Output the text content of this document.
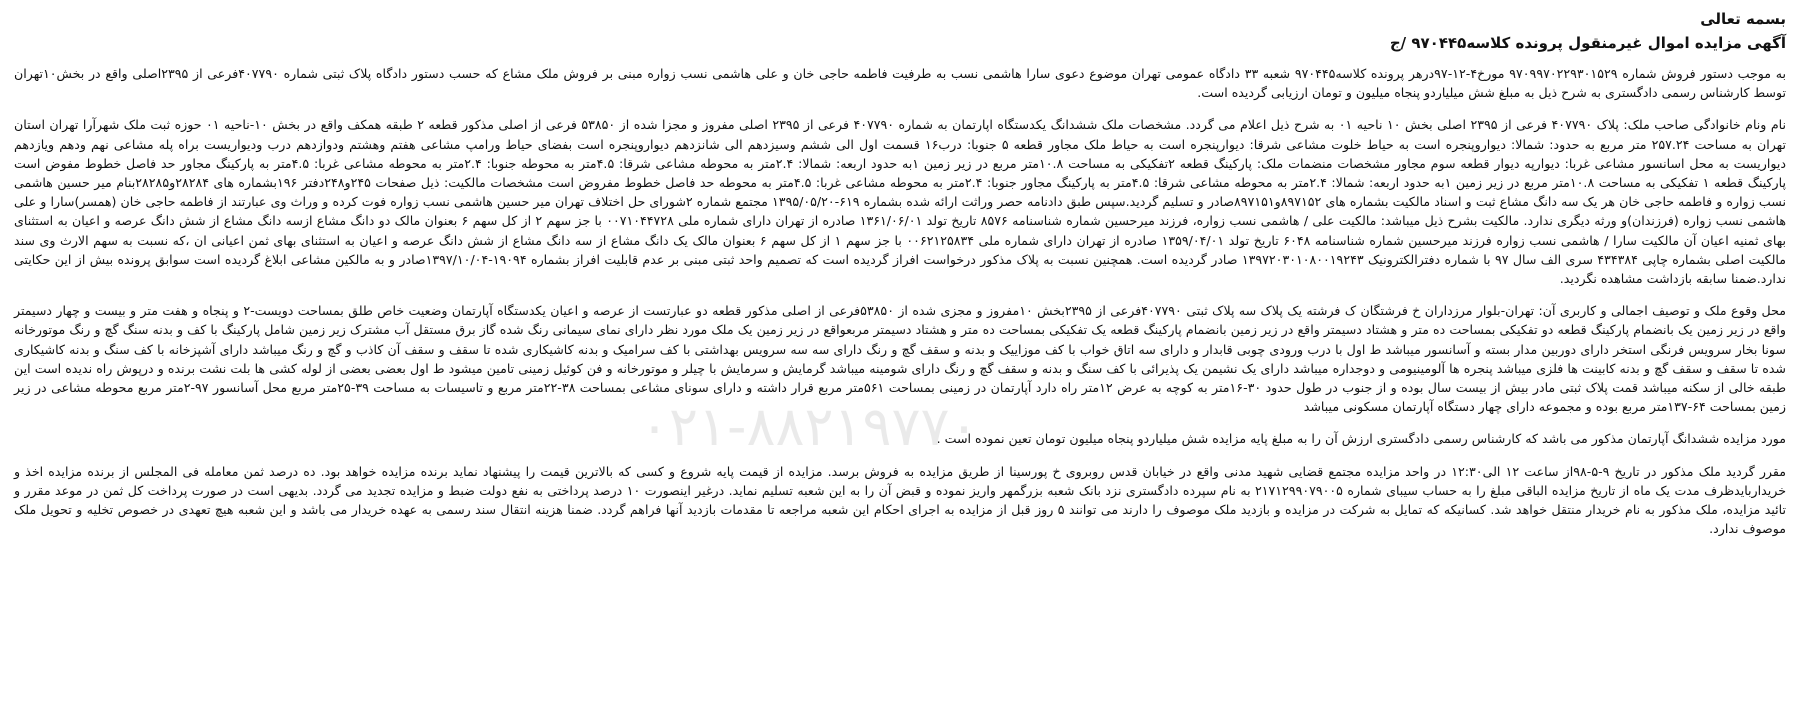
بسمه تعالی

آگهی مزایده اموال غیرمنقول پرونده کلاسه۹۷۰۴۴۵ /ج

به موجب دستور فروش شماره ۹۷۰۹۹۷۰۲۲۹۳۰۱۵۲۹ مورخ۴-۱۲-۹۷درهر پرونده کلاسه۹۷۰۴۴۵ شعبه ۳۳ دادگاه عمومی تهران موضوع دعوی سارا هاشمی نسب به طرفیت فاطمه حاجی خان و علی هاشمی نسب زواره مبنی بر فروش ملک مشاع که حسب دستور دادگاه پلاک ثبتی شماره ۴۰۷۷۹۰فرعی از ۲۳۹۵اصلی واقع در بخش۱۰تهران توسط کارشناس رسمی دادگستری به شرح ذیل به مبلغ شش میلیاردو پنجاه میلیون و تومان ارزیابی گردیده است.

نام ونام خانوادگی صاحب ملک: پلاک ۴۰۷۷۹۰ فرعی از ۲۳۹۵ اصلی بخش ۱۰ ناحیه ۰۱ به شرح ذیل اعلام می گردد. مشخصات ملک ششدانگ یکدستگاه اپارتمان به شماره ۴۰۷۷۹۰ فرعی از ۲۳۹۵ اصلی مفروز و مجزا شده از ۵۳۸۵۰ فرعی از اصلی مذکور قطعه ۲ طبقه همکف واقع در بخش ۱۰-ناحیه ۰۱ حوزه ثبت ملک شهرآرا تهران استان تهران به مساحت ۲۵۷.۲۴ متر مربع به حدود: شمالا: دیواروپنجره است به حیاط خلوت مشاعی شرقا: دیوارپنجره است به حیاط ملک مجاور قطعه ۵ جنوبا: درب۱۶ قسمت اول الی ششم وسیزدهم الی شانزدهم دیواروپنجره است بفضای حیاط ورامپ مشاعی هفتم وهشتم ودوازدهم درب ودیواریست براه پله مشاعی نهم ودهم ویازدهم دیواریست به محل اسانسور مشاعی غربا: دیوارپه دیوار قطعه سوم مجاور مشخصات منضمات ملک: پارکینگ قطعه ۲تفکیکی به مساحت ۱۰.۸متر مربع در زیر زمین ۱به حدود اربعه: شمالا: ۲.۴متر به محوطه مشاعی شرقا: ۴.۵متر به محوطه جنوبا: ۲.۴متر به محوطه مشاعی غربا: ۴.۵متر به پارکینگ مجاور حد فاصل خطوط مفوض است پارکینگ قطعه ۱ تفکیکی به مساحت ۱۰.۸متر مربع در زیر زمین ۱به حدود اربعه: شمالا: ۲.۴متر به محوطه مشاعی شرقا: ۴.۵متر به پارکینگ مجاور جنوبا: ۲.۴متر به محوطه مشاعی غربا: ۴.۵متر به محوطه حد فاصل خطوط مفروض است مشخصات مالکیت: ذیل صفحات ۲۴۵و۲۴۸دفتر ۱۹۶بشماره های ۲۸۲۸۴و۲۸۲۸۵بنام میر حسین هاشمی نسب زواره و فاطمه حاجی خان هر یک سه دانگ مشاع ثبت و اسناد مالکیت بشماره های ۸۹۷۱۵۲و۸۹۷۱۵۱صادر و تسلیم گردید.سپس طبق دادنامه حصر وراثت ارائه شده بشماره ۶۱۹-۱۳۹۵/۰۵/۲۰ مجتمع شماره ۲شورای حل اختلاف تهران میر حسین هاشمی نسب زواره فوت کرده و وراث وی عبارتند از فاطمه حاجی خان (همسر)سارا و علی هاشمی نسب زواره (فرزندان)و ورثه دیگری ندارد. مالکیت بشرح ذیل میباشد: مالکیت علی / هاشمی نسب زواره، فرزند میرحسین شماره شناسنامه ۸۵۷۶ تاریخ تولد ۱۳۶۱/۰۶/۰۱ صادره از تهران دارای شماره ملی ۰۰۷۱۰۴۴۷۲۸ با جز سهم ۲ از کل سهم ۶ بعنوان مالک دو دانگ مشاع ازسه دانگ مشاع از شش دانگ عرصه و اعیان به استثنای بهای ثمنیه اعیان آن مالکیت سارا / هاشمی نسب زواره فرزند میرحسین شماره شناسنامه ۶۰۴۸ تاریخ تولد ۱۳۵۹/۰۴/۰۱ صادره از تهران دارای شماره ملی ۰۰۶۲۱۲۵۸۳۴ با جز سهم ۱ از کل سهم ۶ بعنوان مالک یک دانگ مشاع از سه دانگ مشاع از شش دانگ عرصه و اعیان به استثنای بهای ثمن اعیانی ان ،که نسبت به سهم الارث وی سند مالکیت اصلی بشماره چاپی ۴۳۴۳۸۴ سری الف سال ۹۷ با شماره دفترالکترونیک ۱۳۹۷۲۰۳۰۱۰۸۰۰۱۹۲۴۳ صادر گردیده است. همچنین نسبت به پلاک مذکور درخواست افراز گردیده است که تصمیم واحد ثبتی مبنی بر عدم قابلیت افراز بشماره ۱۹۰۹۴-۱۳۹۷/۱۰/۰۴صادر و به مالکین مشاعی ابلاغ گردیده است سوابق پرونده بیش از این حکایتی ندارد.ضمنا سابقه بازداشت مشاهده نگردید.

محل وقوع ملک و توصیف اجمالی و کاربری آن: تهران-بلوار مرزداران خ فرشتگان ک فرشته یک پلاک سه پلاک ثبتی ۴۰۷۷۹۰فرعی از ۲۳۹۵بخش ۱۰مفروز و مجزی شده از ۵۳۸۵۰فرعی از اصلی مذکور قطعه دو عبارتست از عرصه و اعیان یکدستگاه آپارتمان وضعیت خاص طلق بمساحت دویست-۲ و پنجاه و هفت متر و بیست و چهار دسیمتر واقع در زیر زمین یک بانضمام پارکینگ قطعه دو تفکیکی بمساحت ده متر و هشتاد دسیمتر واقع در زیر زمین بانضمام پارکینگ قطعه یک تفکیکی بمساحت ده متر و هشتاد دسیمتر مربعواقع در زیر زمین یک ملک مورد نظر دارای نمای سیمانی رنگ شده گاز برق مستقل آب مشترک زیر زمین شامل پارکینگ با کف و بدنه سنگ گچ و رنگ موتورخانه سونا بخار سرویس فرنگی استخر دارای دوربین مدار بسته و آسانسور میباشد ط اول با درب ورودی چوبی قابدار و دارای سه اتاق خواب با کف موزاییک و بدنه و سقف گچ و رنگ دارای سه سه سرویس بهداشتی با کف سرامیک و بدنه کاشیکاری شده تا سقف و سقف آن کاذب و گچ و رنگ میباشد دارای آشپزخانه با کف سنگ و بدنه کاشیکاری شده تا سقف و سقف گچ و بدنه کابینت ها فلزی میباشد پنجره ها آلومینیومی و دوجداره میباشد دارای یک نشیمن یک پذیرائی با کف سنگ و بدنه و سقف گچ و رنگ دارای شومینه میباشد گرمایش و سرمایش با چیلر و موتورخانه و فن کوئیل زمینی تامین میشود ط اول بعضی بعضی از لوله کشی ها بلت نشت برنده و درپوش راه ندیده است این طبقه خالی از سکنه میباشد قمت پلاک ثبتی مادر بیش از بیست سال بوده و از جنوب در طول حدود ۳۰-۱۶متر به کوچه به عرض ۱۲متر راه دارد آپارتمان در زمینی بمساحت ۵۶۱متر مربع قرار داشته و دارای سونای مشاعی بمساحت ۳۸-۲۲متر مربع و تاسیسات به مساحت ۳۹-۲۵متر مربع محل آسانسور ۹۷-۲متر مربع محوطه مشاعی در زیر زمین بمساحت ۶۴-۱۳۷متر مربع بوده و مجموعه دارای چهار دستگاه آپارتمان مسکونی میباشد

مورد مزایده ششدانگ آپارتمان مذکور می باشد که کارشناس رسمی دادگستری ارزش آن را به مبلغ پایه مزایده شش میلیاردو پنجاه میلیون تومان تعین نموده است .

مقرر گردید ملک مذکور در تاریخ ۹-۵-۹۸از ساعت ۱۲ الی۱۲:۳۰ در واحد مزایده مجتمع قضایی شهید مدنی واقع در خیابان قدس روبروی خ پورسینا از طریق مزایده به فروش برسد. مزایده از قیمت پایه شروع و کسی که بالاترین قیمت را پیشنهاد نماید برنده مزایده خواهد بود. ده درصد ثمن معامله فی المجلس از برنده مزایده اخذ و خریداربایدظرف مدت یک ماه از تاریخ مزایده الباقی مبلغ را به حساب سیبای شماره ۲۱۷۱۲۹۹۰۷۹۰۰۵ به نام سپرده دادگستری نزد بانک شعبه بزرگمهر واریز نموده و قبض آن را به این شعبه تسلیم نماید. درغیر اینصورت ۱۰ درصد پرداختی به نفع دولت ضبط و مزایده تجدید می گردد. بدیهی است در صورت پرداخت کل ثمن در موعد مقرر و تائید مزایده، ملک مذکور به نام خریدار منتقل خواهد شد. کسانیکه که تمایل به شرکت در مزایده و بازدید ملک موصوف را دارند می توانند ۵ روز قبل از مزایده به اجرای احکام این شعبه مراجعه تا مقدمات بازدید آنها فراهم گردد. ضمنا هزینه انتقال سند رسمی به عهده خریدار می باشد و این شعبه هیچ تعهدی در خصوص تخلیه و تحویل ملک موصوف ندارد.

۰۲۱-۸۸۲۱۹۷۷۰
